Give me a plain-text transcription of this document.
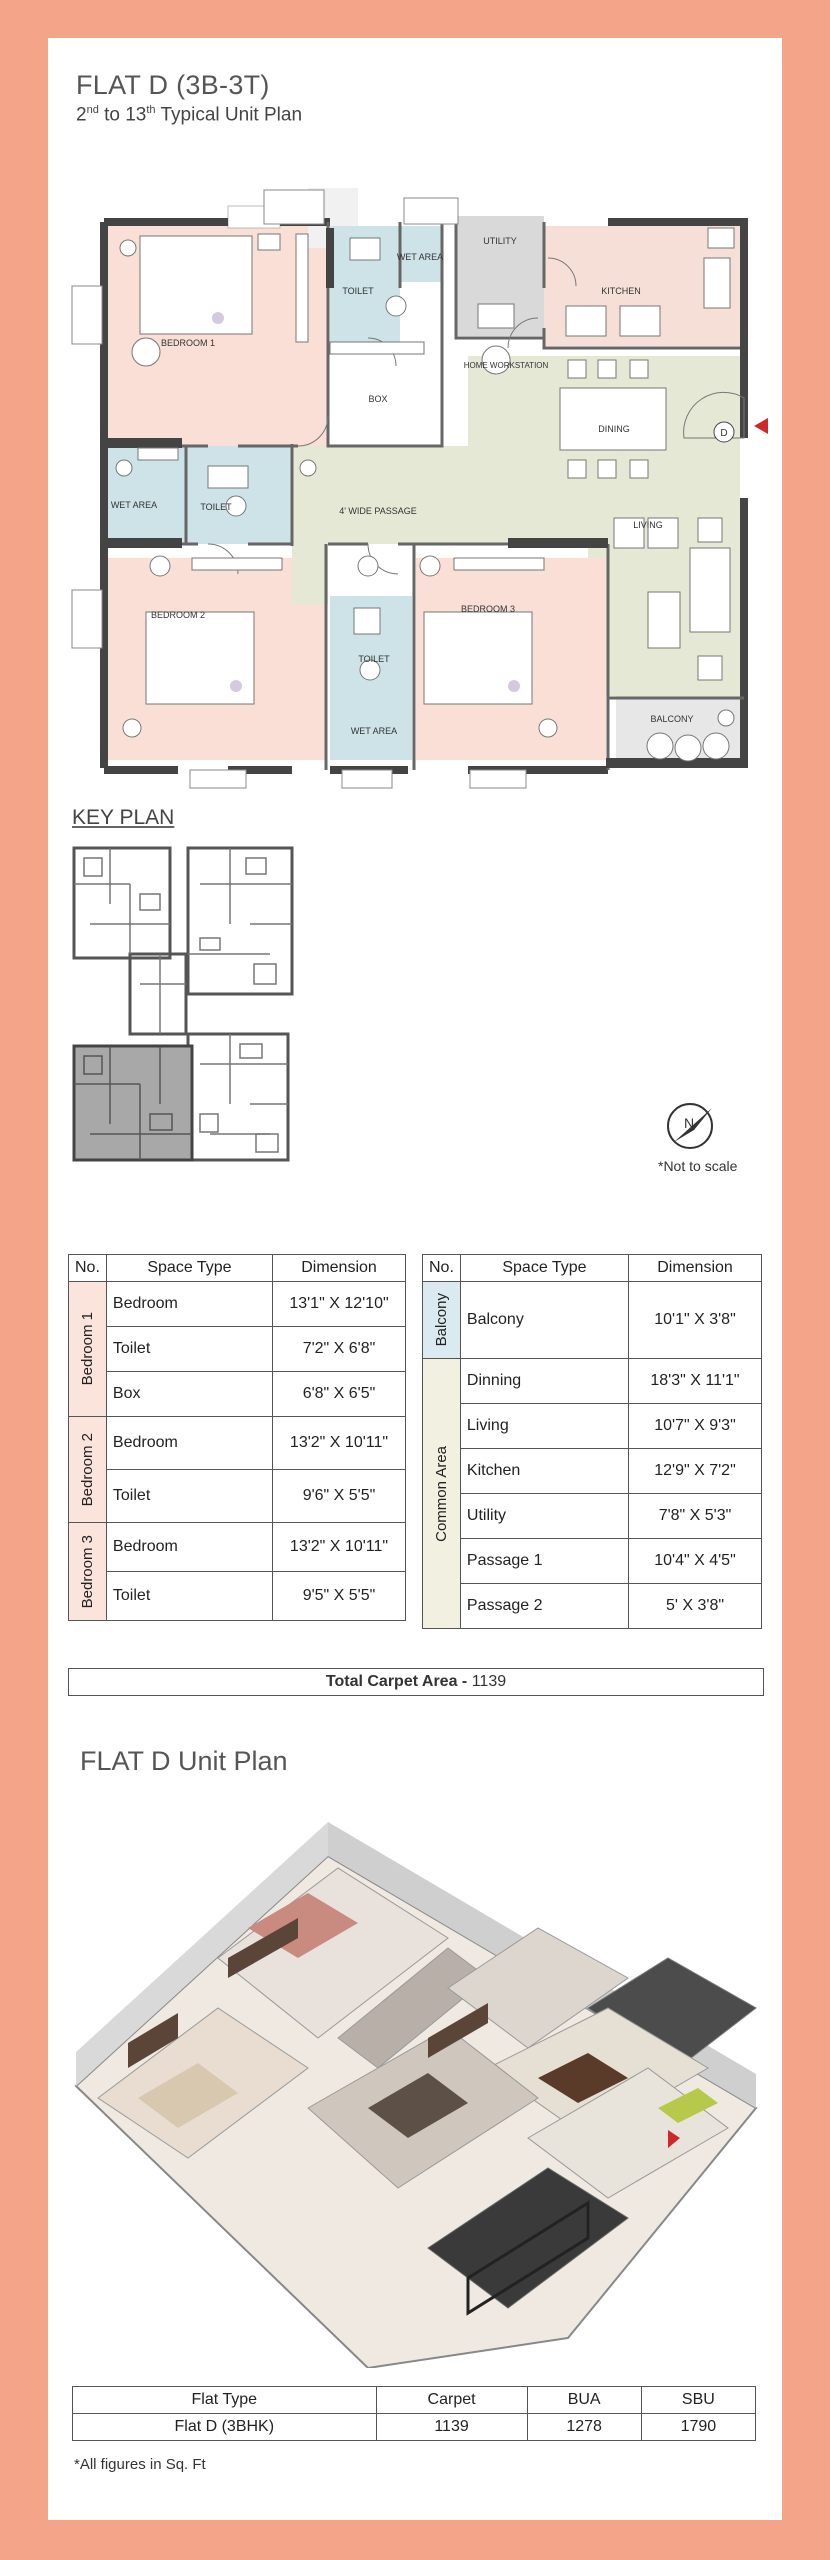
FLAT D (3B-3T)
2nd to 13th Typical Unit Plan
D
BEDROOM 1
TOILET
WET AREA
UTILITY
KITCHEN
HOME WORKSTATION
BOX
DINING
WET AREA	TOILET	4' WIDE PASSAGE
LIVING
BEDROOM 2
TOILET
BEDROOM 3
WET AREA
BALCONY
KEY PLAN
N
*Not to scale
No.	Space Type	Dimension

Bedroom 1	Bedroom	13'1" X 12'10"
	Toilet	7'2" X 6'8"
	Box	6'8" X 6'5"

Bedroom 2	Bedroom	13'2" X 10'11"
	Toilet	9'6" X 5'5"

Bedroom 3	Bedroom	13'2" X 10'11"
	Toilet	9'5" X 5'5"
No.	Space Type	Dimension

Balcony	Balcony	10'1" X 3'8"

Common Area	Dinning	18'3" X 11'1"
	Living	10'7" X 9'3"
	Kitchen	12'9" X 7'2"
	Utility	7'8" X 5'3"
	Passage 1	10'4" X 4'5"
	Passage 2	5' X 3'8"
Total Carpet Area - 1139
FLAT D Unit Plan
Flat Type	Carpet	BUA	SBU
Flat D (3BHK)	1139	1278	1790
*All figures in Sq. Ft
